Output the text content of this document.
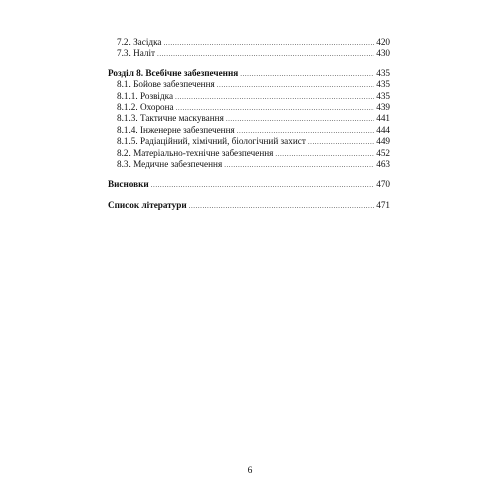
7.2. Засідка . . .	420
7.3. Наліт . . .	430
Розділ 8. Всебічне забезпечення . . .	435
8.1. Бойове забезпечення . . .	435
8.1.1. Розвідка . . .	435
8.1.2. Охорона . . .	439
8.1.3. Тактичне маскування . . .	441
8.1.4. Інженерне забезпечення . . .	444
8.1.5. Радіаційний, хімічний, біологічний захист . . .	449
8.2. Матеріально-технічне забезпечення . . .	452
8.3. Медичне забезпечення . . .	463
Висновки . . .	470
Список літератури . . .	471
6
